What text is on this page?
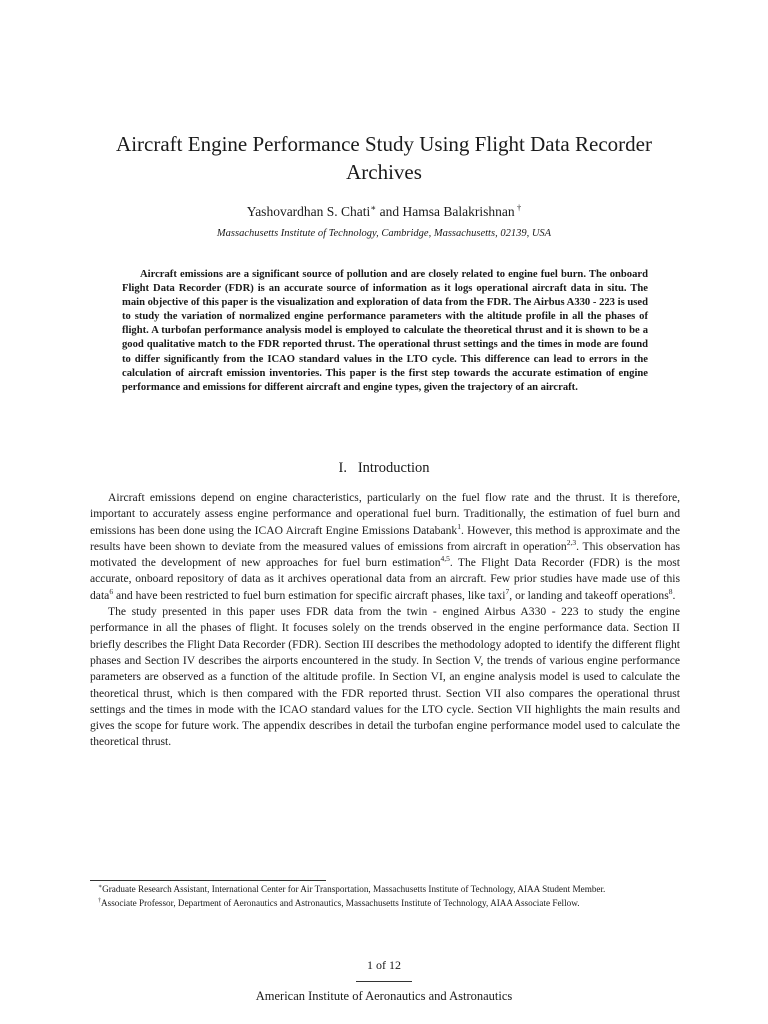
Aircraft Engine Performance Study Using Flight Data Recorder Archives
Yashovardhan S. Chati∗ and Hamsa Balakrishnan †
Massachusetts Institute of Technology, Cambridge, Massachusetts, 02139, USA

Aircraft emissions are a significant source of pollution and are closely related to engine fuel burn. The onboard Flight Data Recorder (FDR) is an accurate source of information as it logs operational aircraft data in situ. The main objective of this paper is the visualization and exploration of data from the FDR. The Airbus A330 - 223 is used to study the variation of normalized engine performance parameters with the altitude profile in all the phases of flight. A turbofan performance analysis model is employed to calculate the theoretical thrust and it is shown to be a good qualitative match to the FDR reported thrust. The operational thrust settings and the times in mode are found to differ significantly from the ICAO standard values in the LTO cycle. This difference can lead to errors in the calculation of aircraft emission inventories. This paper is the first step towards the accurate estimation of engine performance and emissions for different aircraft and engine types, given the trajectory of an aircraft.

I. Introduction

Aircraft emissions depend on engine characteristics, particularly on the fuel flow rate and the thrust. It is therefore, important to accurately assess engine performance and operational fuel burn. Traditionally, the estimation of fuel burn and emissions has been done using the ICAO Aircraft Engine Emissions Databank$^1$. However, this method is approximate and the results have been shown to deviate from the measured values of emissions from aircraft in operation$^{2,3}$. This observation has motivated the development of new approaches for fuel burn estimation$^{4,5}$. The Flight Data Recorder (FDR) is the most accurate, onboard repository of data as it archives operational data from an aircraft. Few prior studies have made use of this data$^6$ and have been restricted to fuel burn estimation for specific aircraft phases, like taxi$^7$, or landing and takeoff operations$^8$.

The study presented in this paper uses FDR data from the twin - engined Airbus A330 - 223 to study the engine performance in all the phases of flight. It focuses solely on the trends observed in the engine performance data. Section II briefly describes the Flight Data Recorder (FDR). Section III describes the methodology adopted to identify the different flight phases and Section IV describes the airports encountered in the study. In Section V, the trends of various engine performance parameters are observed as a function of the altitude profile. In Section VI, an engine analysis model is used to calculate the theoretical thrust, which is then compared with the FDR reported thrust. Section VII also compares the operational thrust settings and the times in mode with the ICAO standard values for the LTO cycle. Section VII highlights the main results and gives the scope for future work. The appendix describes in detail the turbofan engine performance model used to calculate the theoretical thrust.

∗Graduate Research Assistant, International Center for Air Transportation, Massachusetts Institute of Technology, AIAA Student Member.

†Associate Professor, Department of Aeronautics and Astronautics, Massachusetts Institute of Technology, AIAA Associate Fellow.

1 of 12
American Institute of Aeronautics and Astronautics
